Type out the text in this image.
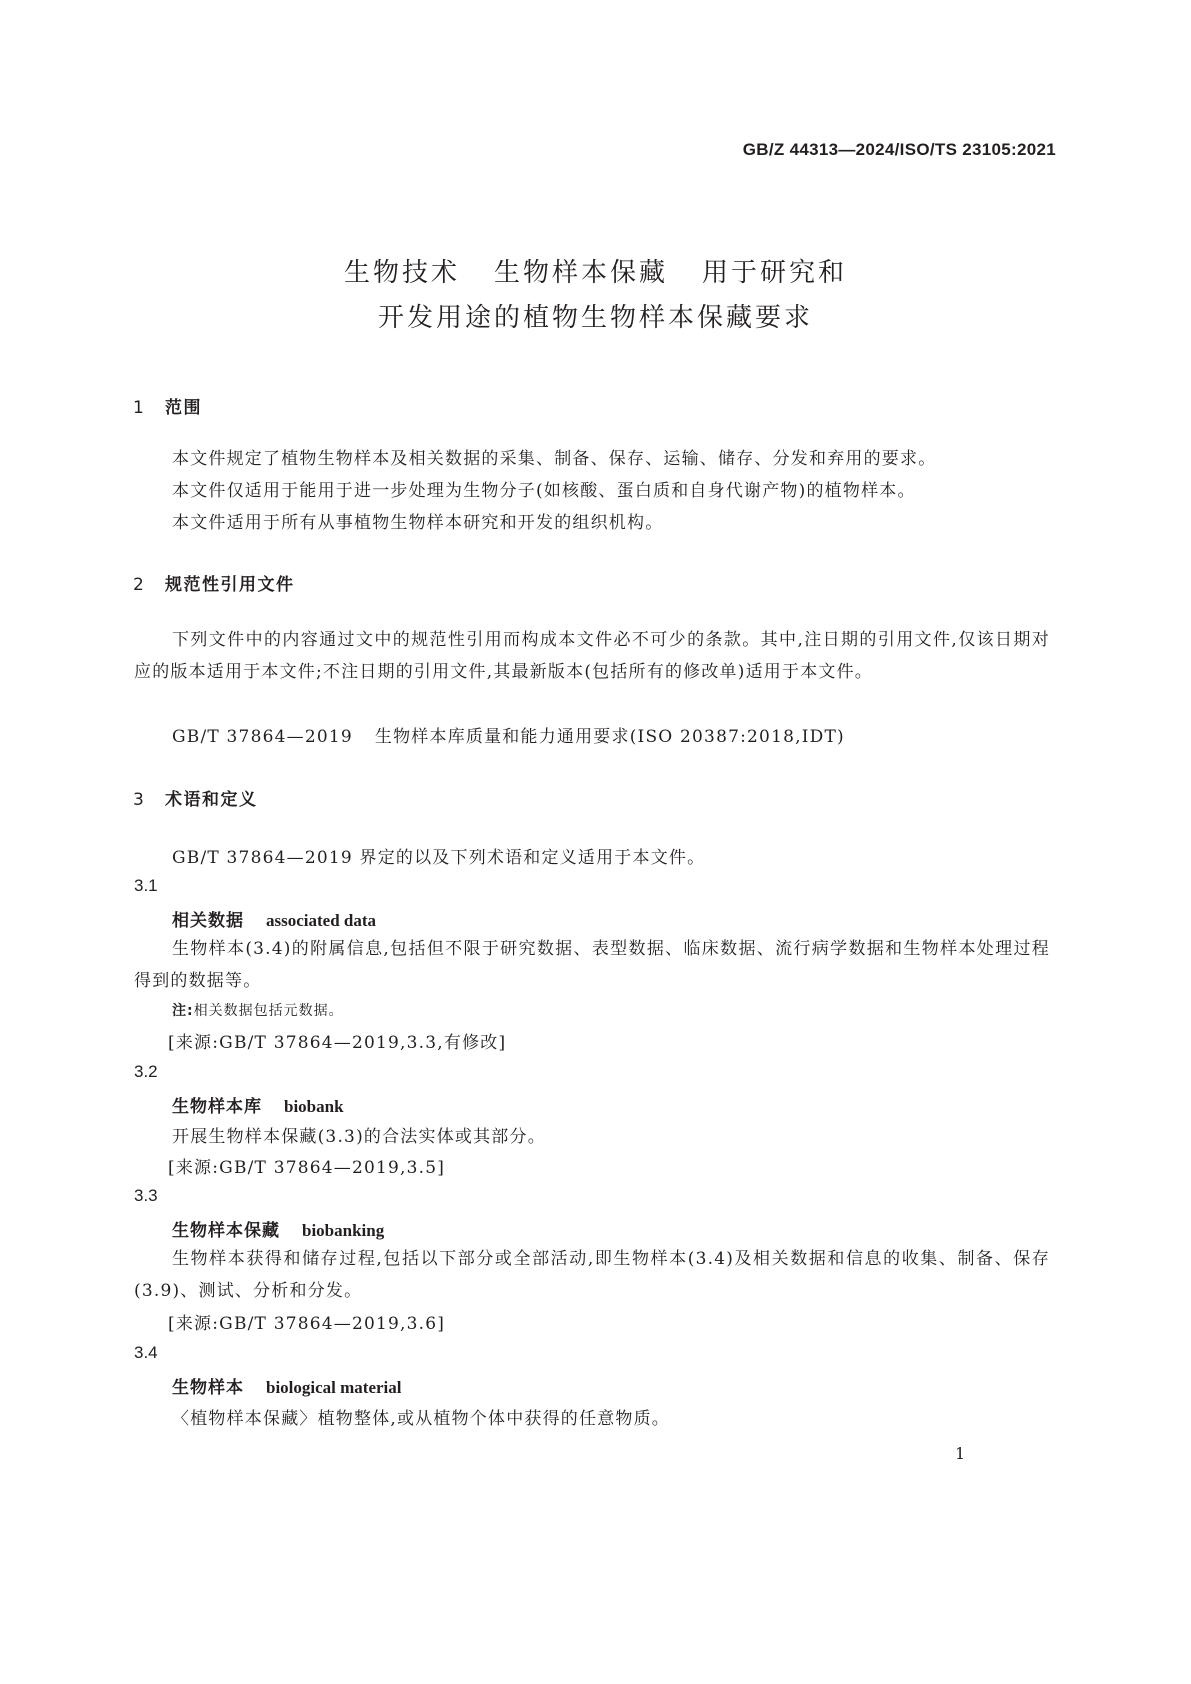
GB/Z 44313—2024/ISO/TS 23105:2021
生物技术 生物样本保藏 用于研究和
开发用途的植物生物样本保藏要求
1 范围
本文件规定了植物生物样本及相关数据的采集、制备、保存、运输、储存、分发和弃用的要求。
本文件仅适用于能用于进一步处理为生物分子(如核酸、蛋白质和自身代谢产物)的植物样本。
本文件适用于所有从事植物生物样本研究和开发的组织机构。
2 规范性引用文件
下列文件中的内容通过文中的规范性引用而构成本文件必不可少的条款。其中,注日期的引用文件,仅该日期对应的版本适用于本文件;不注日期的引用文件,其最新版本(包括所有的修改单)适用于本文件。
GB/T 37864—2019 生物样本库质量和能力通用要求(ISO 20387:2018,IDT)
3 术语和定义
GB/T 37864—2019 界定的以及下列术语和定义适用于本文件。
3.1
相关数据 associated data
生物样本(3.4)的附属信息,包括但不限于研究数据、表型数据、临床数据、流行病学数据和生物样本处理过程得到的数据等。
注:相关数据包括元数据。
[来源:GB/T 37864—2019,3.3,有修改]
3.2
生物样本库 biobank
开展生物样本保藏(3.3)的合法实体或其部分。
[来源:GB/T 37864—2019,3.5]
3.3
生物样本保藏 biobanking
生物样本获得和储存过程,包括以下部分或全部活动,即生物样本(3.4)及相关数据和信息的收集、制备、保存(3.9)、测试、分析和分发。
[来源:GB/T 37864—2019,3.6]
3.4
生物样本 biological material
〈植物样本保藏〉植物整体,或从植物个体中获得的任意物质。
1
